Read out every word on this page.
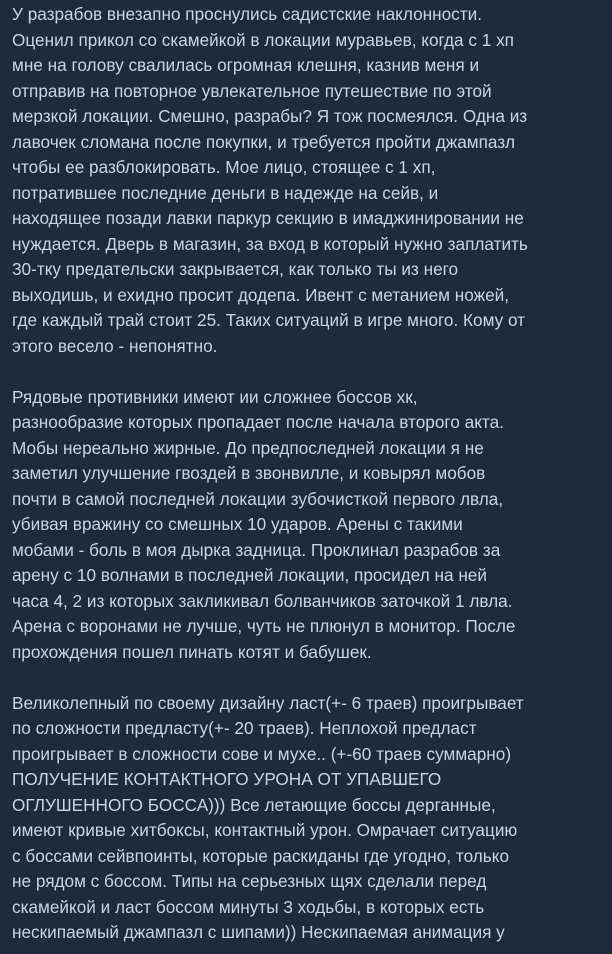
У разрабов внезапно проснулись садистские наклонности.
Оценил прикол со скамейкой в локации муравьев, когда с 1 хп
мне на голову свалилась огромная клешня, казнив меня и
отправив на повторное увлекательное путешествие по этой
мерзкой локации. Смешно, разрабы? Я тож посмеялся. Одна из
лавочек сломана после покупки, и требуется пройти джампазл
чтобы ее разблокировать. Мое лицо, стоящее с 1 хп,
потратившее последние деньги в надежде на сейв, и
находящее позади лавки паркур секцию в имаджинировании не
нуждается. Дверь в магазин, за вход в который нужно заплатить
30-тку предательски закрывается, как только ты из него
выходишь, и ехидно просит додепа. Ивент с метанием ножей,
где каждый трай стоит 25. Таких ситуаций в игре много. Кому от
этого весело - непонятно.

Рядовые противники имеют ии сложнее боссов хк,
разнообразие которых пропадает после начала второго акта.
Мобы нереально жирные. До предпоследней локации я не
заметил улучшение гвоздей в звонвилле, и ковырял мобов
почти в самой последней локации зубочисткой первого лвла,
убивая вражину со смешных 10 ударов. Арены с такими
мобами - боль в моя дырка задница. Проклинал разрабов за
арену с 10 волнами в последней локации, просидел на ней
часа 4, 2 из которых закликивал болванчиков заточкой 1 лвла.
Арена с воронами не лучше, чуть не плюнул в монитор. После
прохождения пошел пинать котят и бабушек.

Великолепный по своему дизайну ласт(+- 6 траев) проигрывает
по сложности предласту(+- 20 траев). Неплохой предласт
проигрывает в сложности сове и мухе.. (+-60 траев суммарно)
ПОЛУЧЕНИЕ КОНТАКТНОГО УРОНА ОТ УПАВШЕГО
ОГЛУШЕННОГО БОССА))) Все летающие боссы дерганные,
имеют кривые хитбоксы, контактный урон. Омрачает ситуацию
с боссами сейвпоинты, которые раскиданы где угодно, только
не рядом с боссом. Типы на серьезных щях сделали перед
скамейкой и ласт боссом минуты 3 ходьбы, в которых есть
нескипаемый джампазл с шипами)) Нескипаемая анимация у
